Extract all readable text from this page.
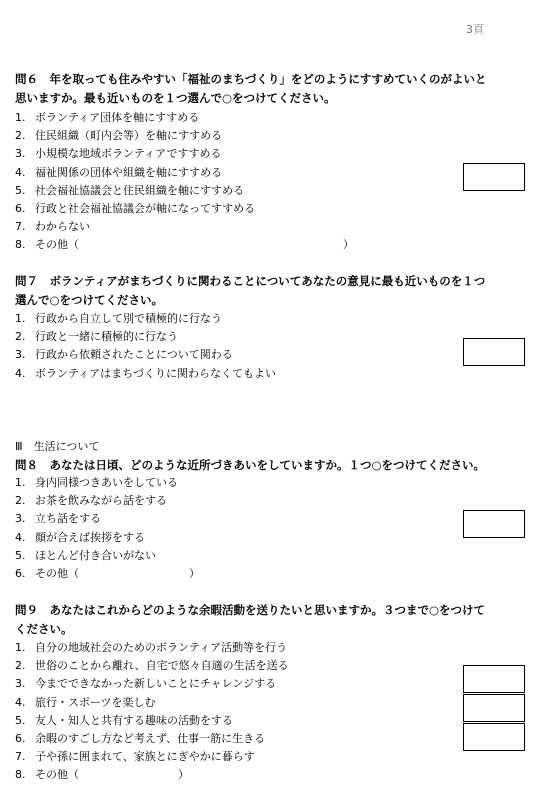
3頁
問６　年を取っても住みやすい「福祉のまちづくり」をどのようにすすめていくのがよいと思いますか。最も近いものを１つ選んで○をつけてください。
1. ボランティア団体を軸にすすめる
2. 住民組織（町内会等）を軸にすすめる
3. 小規模な地域ボランティアですすめる
4. 福祉関係の団体や組織を軸にすすめる
5. 社会福祉協議会と住民組織を軸にすすめる
6. 行政と社会福祉協議会が軸になってすすめる
7. わからない
8. その他（　　　　　　　　　　　　　　　　　　　　　　　　）
問７　ボランティアがまちづくりに関わることについてあなたの意見に最も近いものを１つ選んで○をつけてください。
1. 行政から自立して別で積極的に行なう
2. 行政と一緒に積極的に行なう
3. 行政から依頼されたことについて関わる
4. ボランティアはまちづくりに関わらなくてもよい
Ⅲ　生活について
問８　あなたは日頃、どのような近所づきあいをしていますか。１つ○をつけてください。
1. 身内同様つきあいをしている
2. お茶を飲みながら話をする
3. 立ち話をする
4. 顔が合えば挨拶をする
5. ほとんど付き合いがない
6. その他（　　　　　　　　　　）
問９　あなたはこれからどのような余暇活動を送りたいと思いますか。３つまで○をつけてください。
1. 自分の地域社会のためのボランティア活動等を行う
2. 世俗のことから離れ、自宅で悠々自適の生活を送る
3. 今までできなかった新しいことにチャレンジする
4. 旅行・スポーツを楽しむ
5. 友人・知人と共有する趣味の活動をする
6. 余暇のすごし方など考えず、仕事一筋に生きる
7. 子や孫に囲まれて、家族とにぎやかに暮らす
8. その他（　　　　　　　　　）
